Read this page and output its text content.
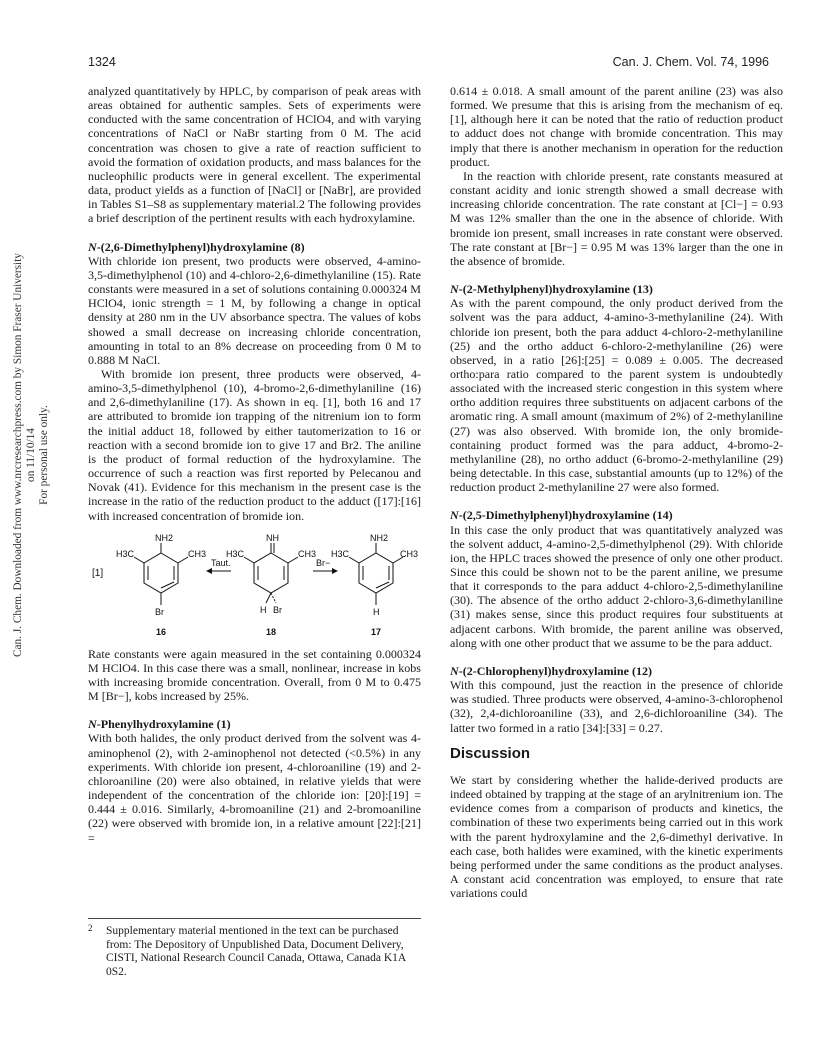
1324	Can. J. Chem. Vol. 74, 1996
Can. J. Chem. Downloaded from www.nrcresearchpress.com by Simon Fraser University on 11/10/14 For personal use only.

analyzed quantitatively by HPLC, by comparison of peak areas with areas obtained for authentic samples. Sets of experiments were conducted with the same concentration of HClO4, and with varying concentrations of NaCl or NaBr starting from 0 M. The acid concentration was chosen to give a rate of reaction sufficient to avoid the formation of oxidation products, and mass balances for the nucleophilic products were in general excellent. The experimental data, product yields as a function of [NaCl] or [NaBr], are provided in Tables S1–S8 as supplementary material.2 The following provides a brief description of the pertinent results with each hydroxylamine.

N-(2,6-Dimethylphenyl)hydroxylamine (8)

With chloride ion present, two products were observed, 4-amino-3,5-dimethylphenol (10) and 4-chloro-2,6-dimethylaniline (15). Rate constants were measured in a set of solutions containing 0.000324 M HClO4, ionic strength = 1 M, by following a change in optical density at 280 nm in the UV absorbance spectra. The values of kobs showed a small decrease on increasing chloride concentration, amounting in total to an 8% decrease on proceeding from 0 M to 0.888 M NaCl.

With bromide ion present, three products were observed, 4-amino-3,5-dimethylphenol (10), 4-bromo-2,6-dimethylaniline (16) and 2,6-dimethylaniline (17). As shown in eq. [1], both 16 and 17 are attributed to bromide ion trapping of the nitrenium ion to form the initial adduct 18, followed by either tautomerization to 16 or reaction with a second bromide ion to give 17 and Br2. The aniline is the product of formal reduction of the hydroxylamine. The occurrence of such a reaction was first reported by Pelecanou and Novak (41). Evidence for this mechanism in the present case is the increase in the ratio of the reduction product to the adduct ([17]:[16] with increased concentration of bromide ion.

[1]
NH2
H3C	CH3
Br
16
Taut.
NH
H3C	CH3
H Br
18
Br−
NH2
H3C	CH3
H
17

Rate constants were again measured in the set containing 0.000324 M HClO4. In this case there was a small, nonlinear, increase in kobs with increasing bromide concentration. Overall, from 0 M to 0.475 M [Br−], kobs increased by 25%.

N-Phenylhydroxylamine (1)

With both halides, the only product derived from the solvent was 4-aminophenol (2), with 2-aminophenol not detected (<0.5%) in any experiments. With chloride ion present, 4-chloroaniline (19) and 2-chloroaniline (20) were also obtained, in relative yields that were independent of the concentration of the chloride ion: [20]:[19] = 0.444 ± 0.016. Similarly, 4-bromoaniline (21) and 2-bromoaniline (22) were observed with bromide ion, in a relative amount [22]:[21] =

2	Supplementary material mentioned in the text can be purchased from: The Depository of Unpublished Data, Document Delivery, CISTI, National Research Council Canada, Ottawa, Canada K1A 0S2.

0.614 ± 0.018. A small amount of the parent aniline (23) was also formed. We presume that this is arising from the mechanism of eq. [1], although here it can be noted that the ratio of reduction product to adduct does not change with bromide concentration. This may imply that there is another mechanism in operation for the reduction product.

In the reaction with chloride present, rate constants measured at constant acidity and ionic strength showed a small decrease with increasing chloride concentration. The rate constant at [Cl−] = 0.93 M was 12% smaller than the one in the absence of chloride. With bromide ion present, small increases in rate constant were observed. The rate constant at [Br−] = 0.95 M was 13% larger than the one in the absence of bromide.

N-(2-Methylphenyl)hydroxylamine (13)

As with the parent compound, the only product derived from the solvent was the para adduct, 4-amino-3-methylaniline (24). With chloride ion present, both the para adduct 4-chloro-2-methylaniline (25) and the ortho adduct 6-chloro-2-methylaniline (26) were observed, in a ratio [26]:[25] = 0.089 ± 0.005. The decreased ortho:para ratio compared to the parent system is undoubtedly associated with the increased steric congestion in this system where ortho addition requires three substituents on adjacent carbons of the aromatic ring. A small amount (maximum of 2%) of 2-methylaniline (27) was also observed. With bromide ion, the only bromide-containing product formed was the para adduct, 4-bromo-2-methylaniline (28), no ortho adduct (6-bromo-2-methylaniline (29) being detectable. In this case, substantial amounts (up to 12%) of the reduction product 2-methylaniline 27 were also formed.

N-(2,5-Dimethylphenyl)hydroxylamine (14)

In this case the only product that was quantitatively analyzed was the solvent adduct, 4-amino-2,5-dimethylphenol (29). With chloride ion, the HPLC traces showed the presence of only one other product. Since this could be shown not to be the parent aniline, we presume that it corresponds to the para adduct 4-chloro-2,5-dimethylaniline (30). The absence of the ortho adduct 2-chloro-3,6-dimethylaniline (31) makes sense, since this product requires four substituents at adjacent carbons. With bromide, the parent aniline was observed, along with one other product that we assume to be the para adduct.

N-(2-Chlorophenyl)hydroxylamine (12)

With this compound, just the reaction in the presence of chloride was studied. Three products were observed, 4-amino-3-chlorophenol (32), 2,4-dichloroaniline (33), and 2,6-dichloroaniline (34). The latter two formed in a ratio [34]:[33] = 0.27.

Discussion

We start by considering whether the halide-derived products are indeed obtained by trapping at the stage of an arylnitrenium ion. The evidence comes from a comparison of products and kinetics, the combination of these two experiments being carried out in this work with the parent hydroxylamine and the 2,6-dimethyl derivative. In each case, both halides were examined, with the kinetic experiments being performed under the same conditions as the product analyses. A constant acid concentration was employed, to ensure that rate variations could
